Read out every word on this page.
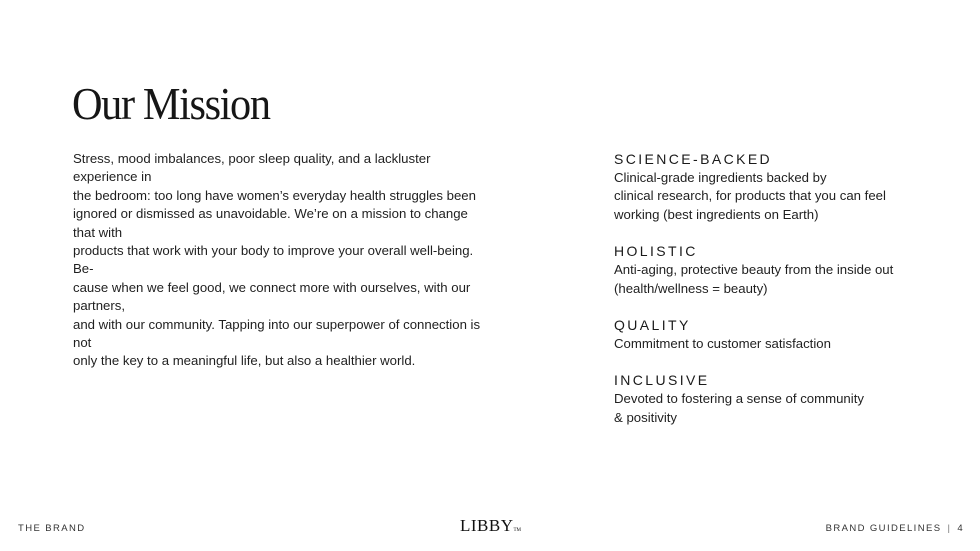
Our Mission

Stress, mood imbalances, poor sleep quality, and a lackluster experience in

the bedroom: too long have women’s everyday health struggles been

ignored or dismissed as unavoidable. We’re on a mission to change that with

products that work with your body to improve your overall well-being. Be-

cause when we feel good, we connect more with ourselves, with our partners,

and with our community. Tapping into our superpower of connection is not

only the key to a meaningful life, but also a healthier world.

SCIENCE-BACKED
Clinical-grade ingredients backed by
clinical research, for products that you can feel
working (best ingredients on Earth)
HOLISTIC
Anti-aging, protective beauty from the inside out
(health/wellness = beauty)
QUALITY
Commitment to customer satisfaction
INCLUSIVE
Devoted to fostering a sense of community
& positivity
THE BRAND	LIBBYTM	BRAND GUIDELINES | 4
